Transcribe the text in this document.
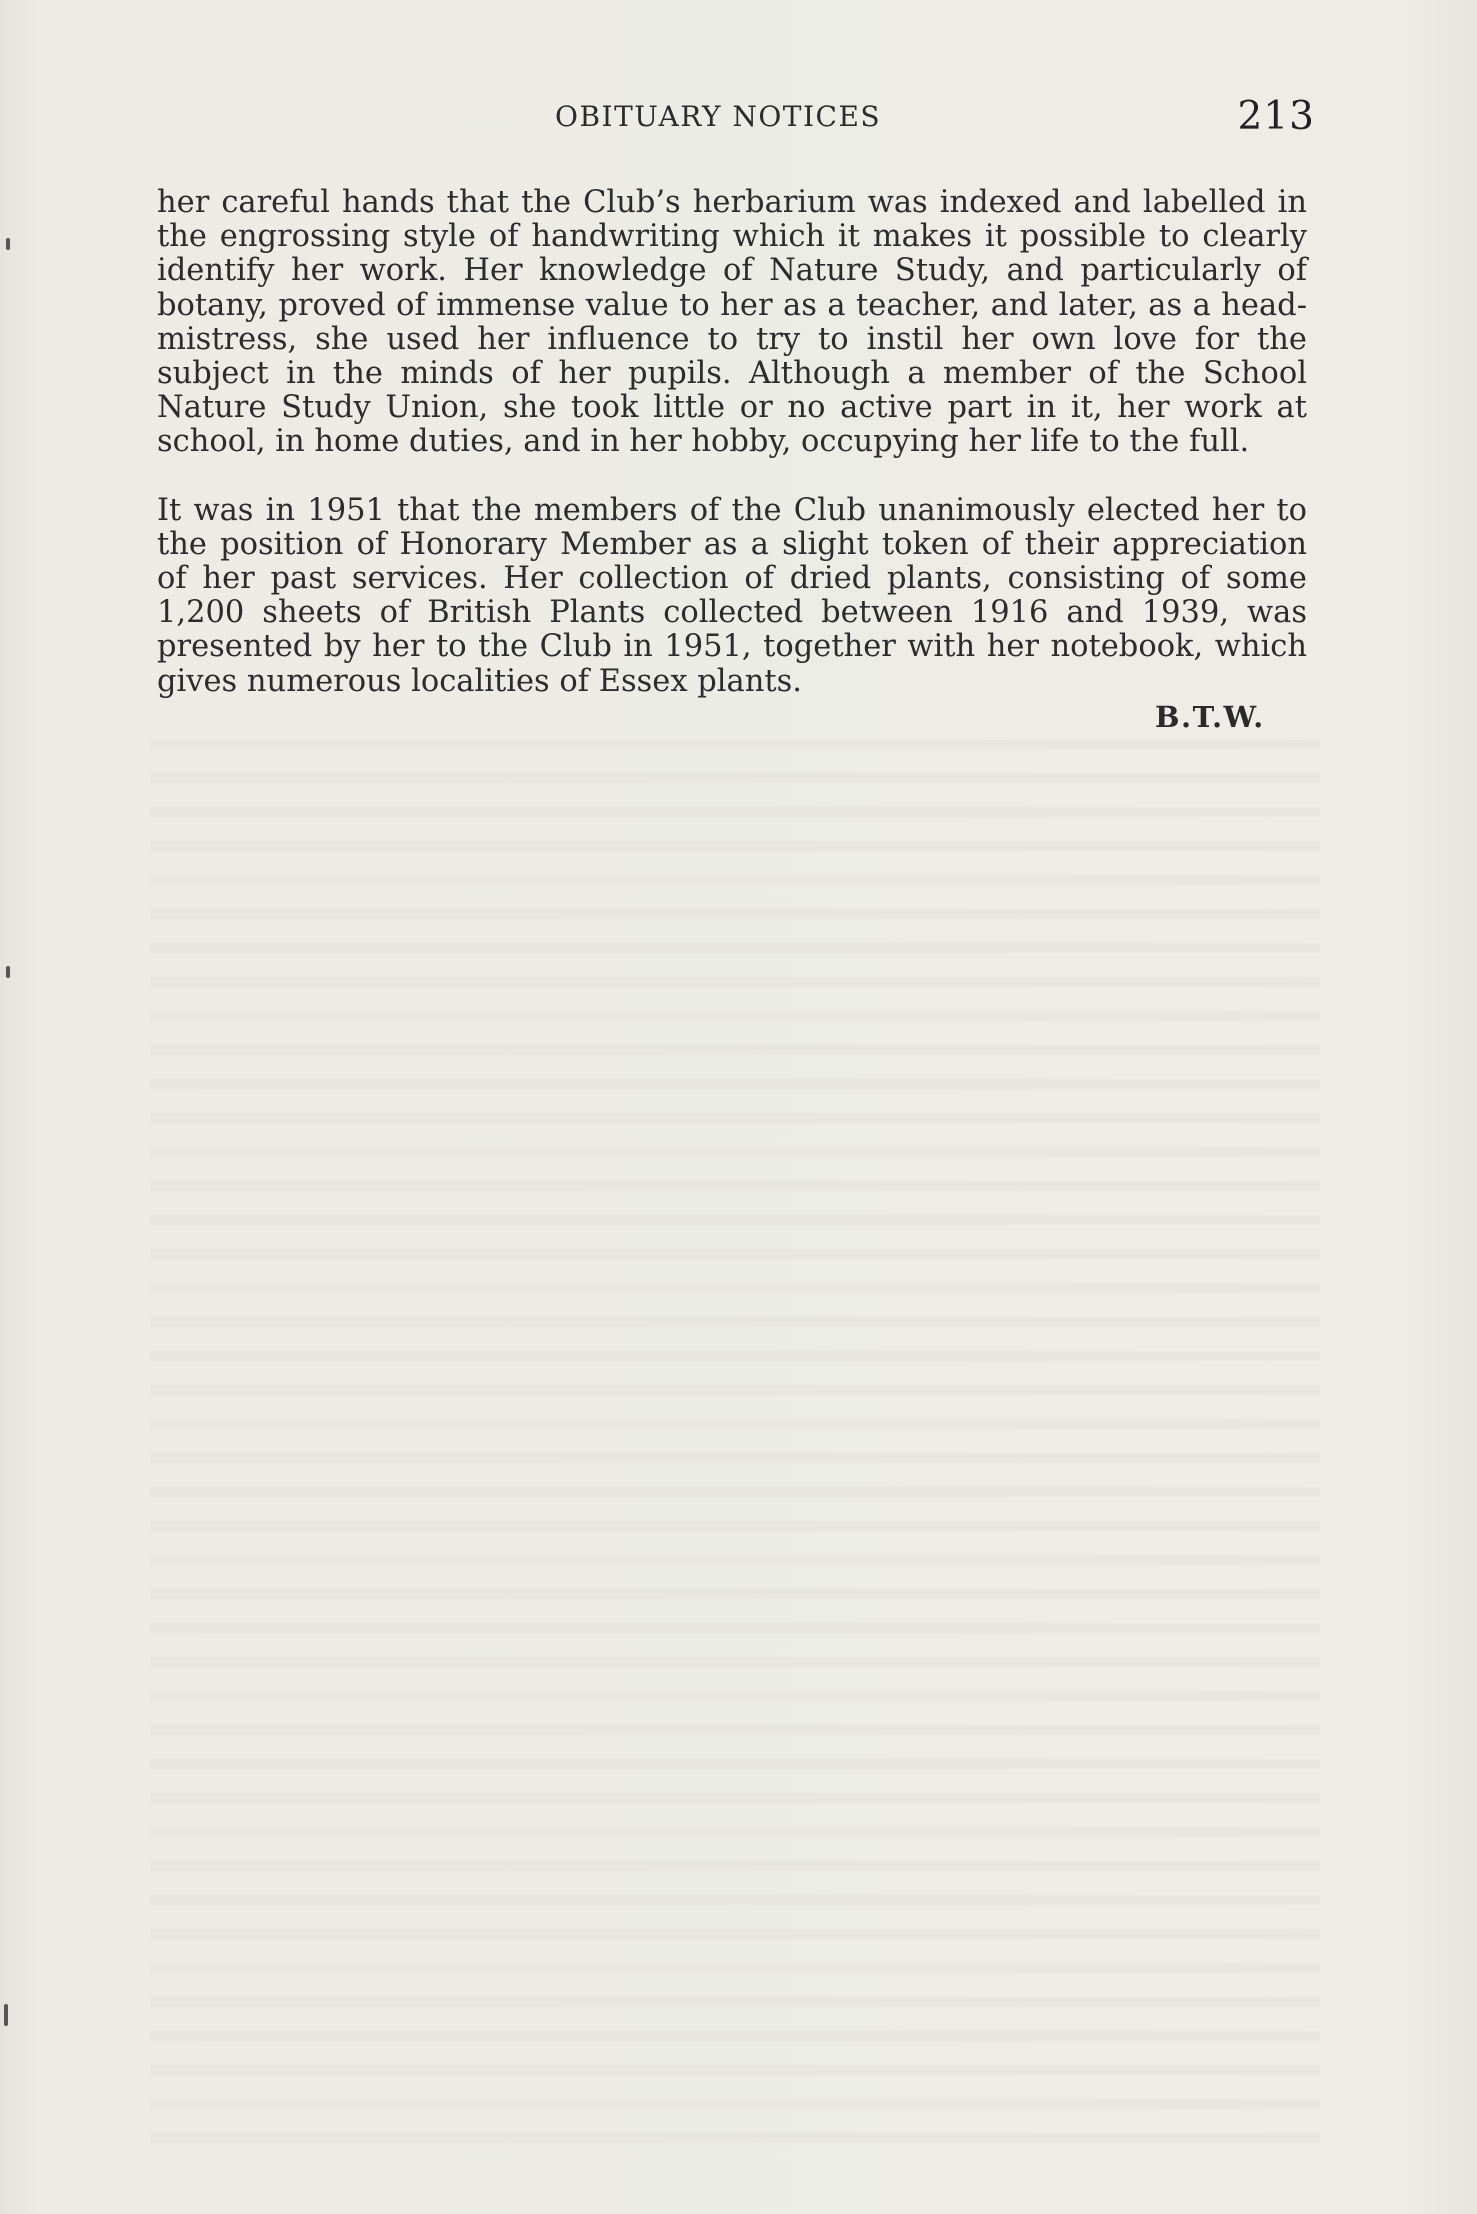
OBITUARY NOTICES	213

her careful hands that the Club’s herbarium was indexed and labelled in the engrossing style of handwriting which it makes it possible to clearly identify her work. Her knowledge of Nature Study, and particularly of botany, proved of immense value to her as a teacher, and later, as a head-mistress, she used her influence to try to instil her own love for the subject in the minds of her pupils. Although a member of the School Nature Study Union, she took little or no active part in it, her work at school, in home duties, and in her hobby, occupying her life to the full.

It was in 1951 that the members of the Club unanimously elected her to the position of Honorary Member as a slight token of their appreciation of her past services. Her collection of dried plants, consisting of some 1,200 sheets of British Plants collected between 1916 and 1939, was presented by her to the Club in 1951, together with her notebook, which gives numerous localities of Essex plants.

B.T.W.
